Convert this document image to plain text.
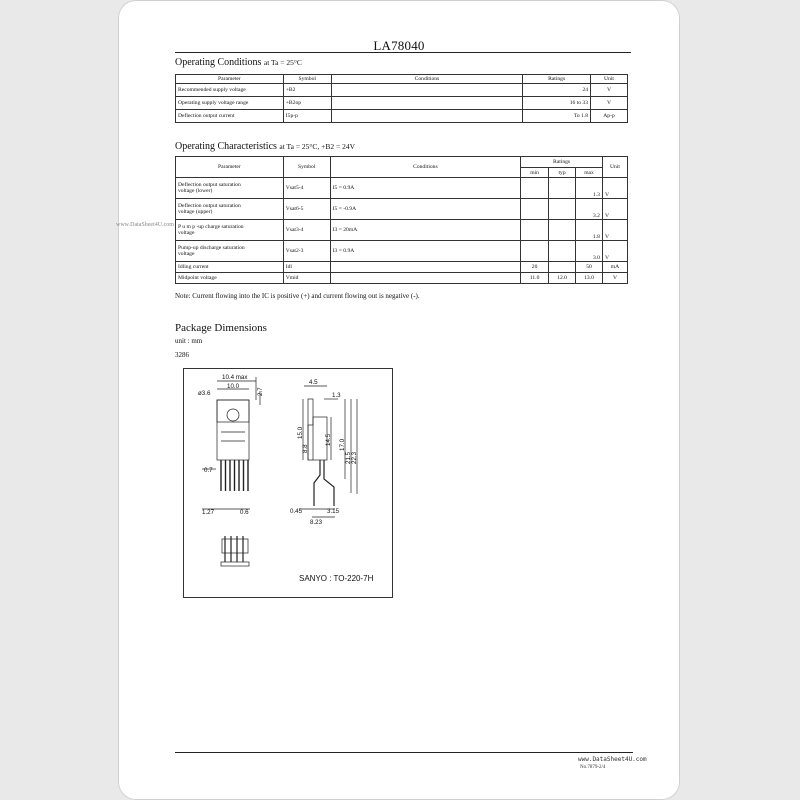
LA78040
Operating Conditions at Ta = 25°C
Parameter	Symbol	Conditions	Ratings	Unit
Recommended supply voltage	+B2		24	V
Operating supply voltage range	+B2op		16 to 33	V
Deflection output current	I5p-p		To 1.8	Ap-p
Operating Characteristics at Ta = 25°C, +B2 = 24V
Parameter	Symbol	Conditions	Ratings			Unit
			min	typ	max	
Deflection output saturation
voltage (lower)	Vsat5-4	I5 = 0.9A			1.3	V
Deflection output saturation
voltage (upper)	Vsat6-5	I5 = -0.9A			3.2	V
P u m p -up charge saturation
voltage	Vsat3-4	I3 = 20mA			1.8	V
Pump-up discharge saturation
voltage	Vsat2-3	I3 = 0.9A			3.0	V
Idling current	Idl		20		50	mA
Midpoint voltage	Vmid		11.0	12.0	13.0	V
Note: Current flowing into the IC is positive (+) and current flowing out is negative (-).
www.DataSheet4U.com
Package Dimensions
unit : mm
3286
10.4 max
10.0
ø3.6	2.7
0.7
1.27	0.6
4.5
1.3
15.0
8.8
14.5 17.0
21.5 22.3
0.45	3.15
8.23
SANYO : TO-220-7H
www.DataSheet4U.com
No.7879-2/4
